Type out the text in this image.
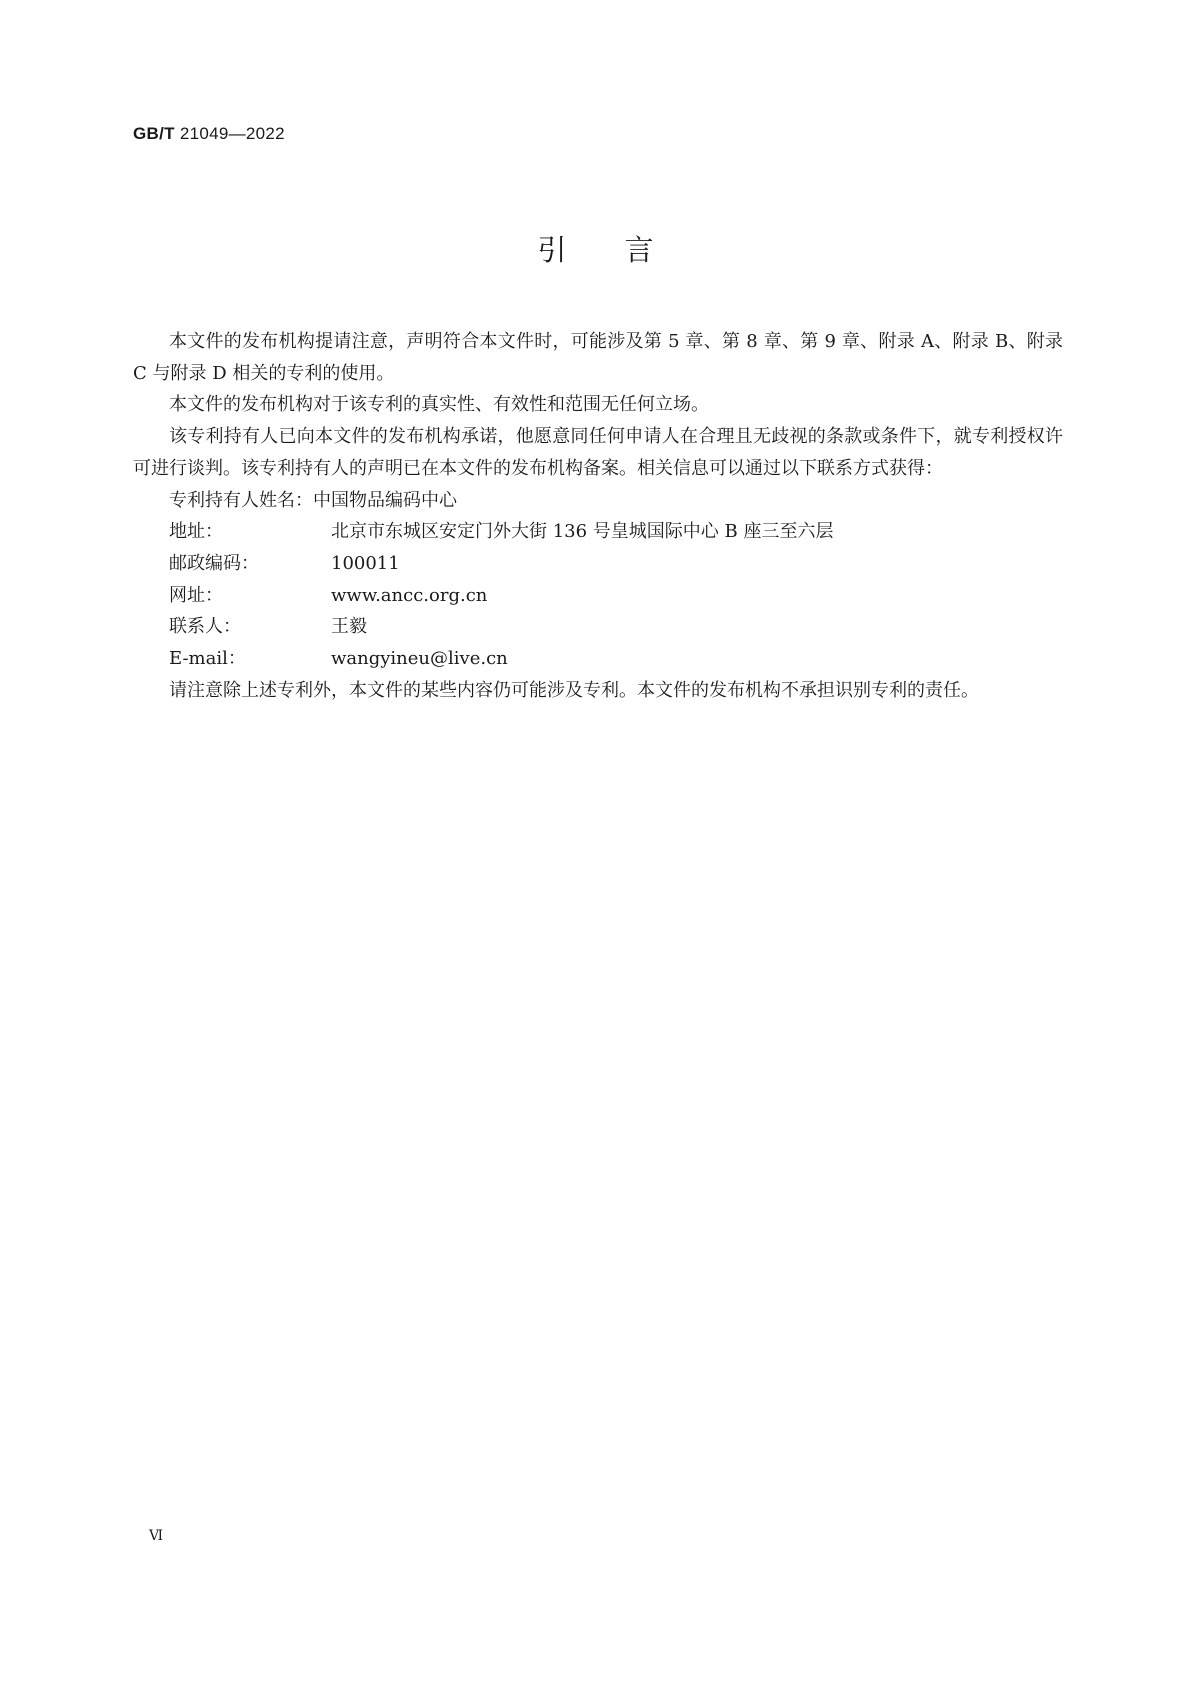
GB/T 21049—2022
引 言

本文件的发布机构提请注意，声明符合本文件时，可能涉及第 5 章、第 8 章、第 9 章、附录 A、附录 B、附录 C 与附录 D 相关的专利的使用。

本文件的发布机构对于该专利的真实性、有效性和范围无任何立场。

该专利持有人已向本文件的发布机构承诺，他愿意同任何申请人在合理且无歧视的条款或条件下，就专利授权许可进行谈判。该专利持有人的声明已在本文件的发布机构备案。相关信息可以通过以下联系方式获得：

专利持有人姓名： 中国物品编码中心
地址：	北京市东城区安定门外大街 136 号皇城国际中心 B 座三至六层
邮政编码：	100011
网址：	www.ancc.org.cn
联系人：	王毅
E-mail：	wangyineu@live.cn

请注意除上述专利外，本文件的某些内容仍可能涉及专利。本文件的发布机构不承担识别专利的责任。

Ⅵ
